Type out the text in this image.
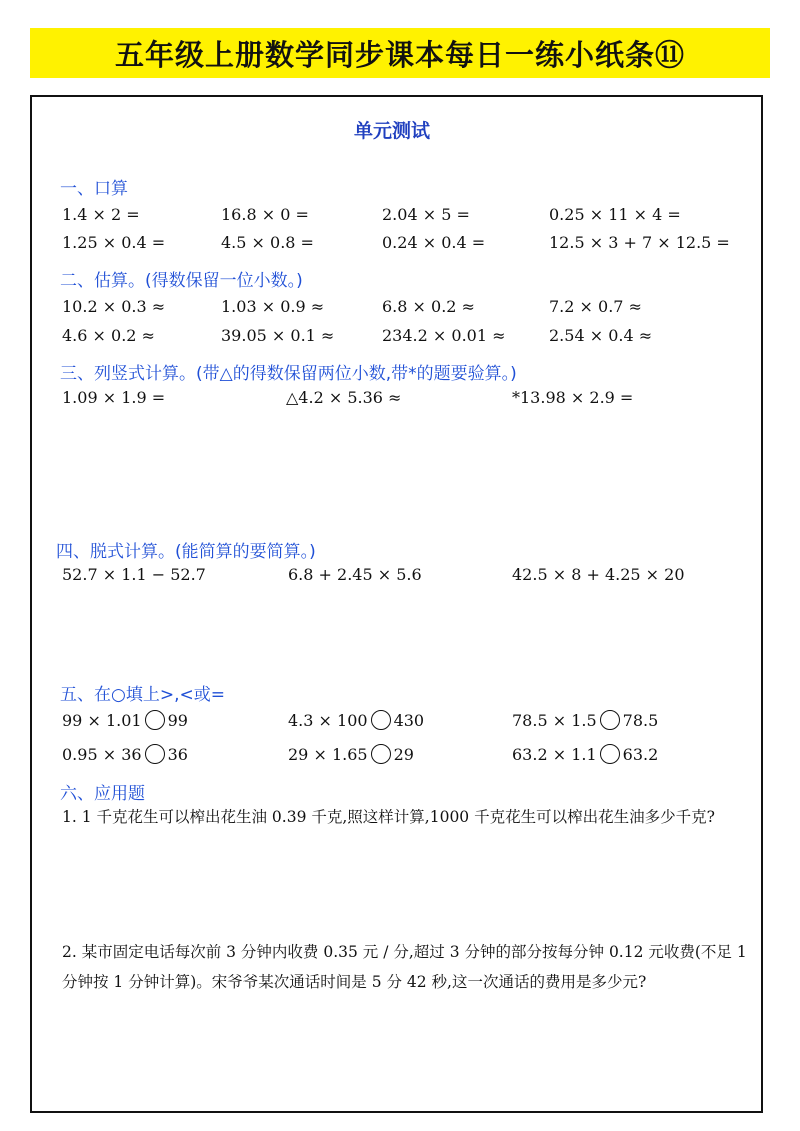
五年级上册数学同步课本每日一练小纸条⑪
单元测试
一、口算
1.4 × 2 =	16.8 × 0 =	2.04 × 5 =	0.25 × 11 × 4 =
1.25 × 0.4 =	4.5 × 0.8 =	0.24 × 0.4 =	12.5 × 3 + 7 × 12.5 =
二、估算。(得数保留一位小数。)
10.2 × 0.3 ≈	1.03 × 0.9 ≈	6.8 × 0.2 ≈	7.2 × 0.7 ≈
4.6 × 0.2 ≈	39.05 × 0.1 ≈	234.2 × 0.01 ≈	2.54 × 0.4 ≈
三、列竖式计算。(带△的得数保留两位小数,带*的题要验算。)
1.09 × 1.9 =	△4.2 × 5.36 ≈	*13.98 × 2.9 =
四、脱式计算。(能简算的要简算。)
52.7 × 1.1 − 52.7	6.8 + 2.45 × 5.6	42.5 × 8 + 4.25 × 20
五、在○填上>,<或=
99 × 1.01 99	4.3 × 100 430	78.5 × 1.5 78.5
0.95 × 36 36	29 × 1.65 29	63.2 × 1.1 63.2
六、应用题
1. 1 千克花生可以榨出花生油 0.39 千克,照这样计算,1000 千克花生可以榨出花生油多少千克?
2. 某市固定电话每次前 3 分钟内收费 0.35 元 / 分,超过 3 分钟的部分按每分钟 0.12 元收费(不足 1 分钟按 1 分钟计算)。宋爷爷某次通话时间是 5 分 42 秒,这一次通话的费用是多少元?
